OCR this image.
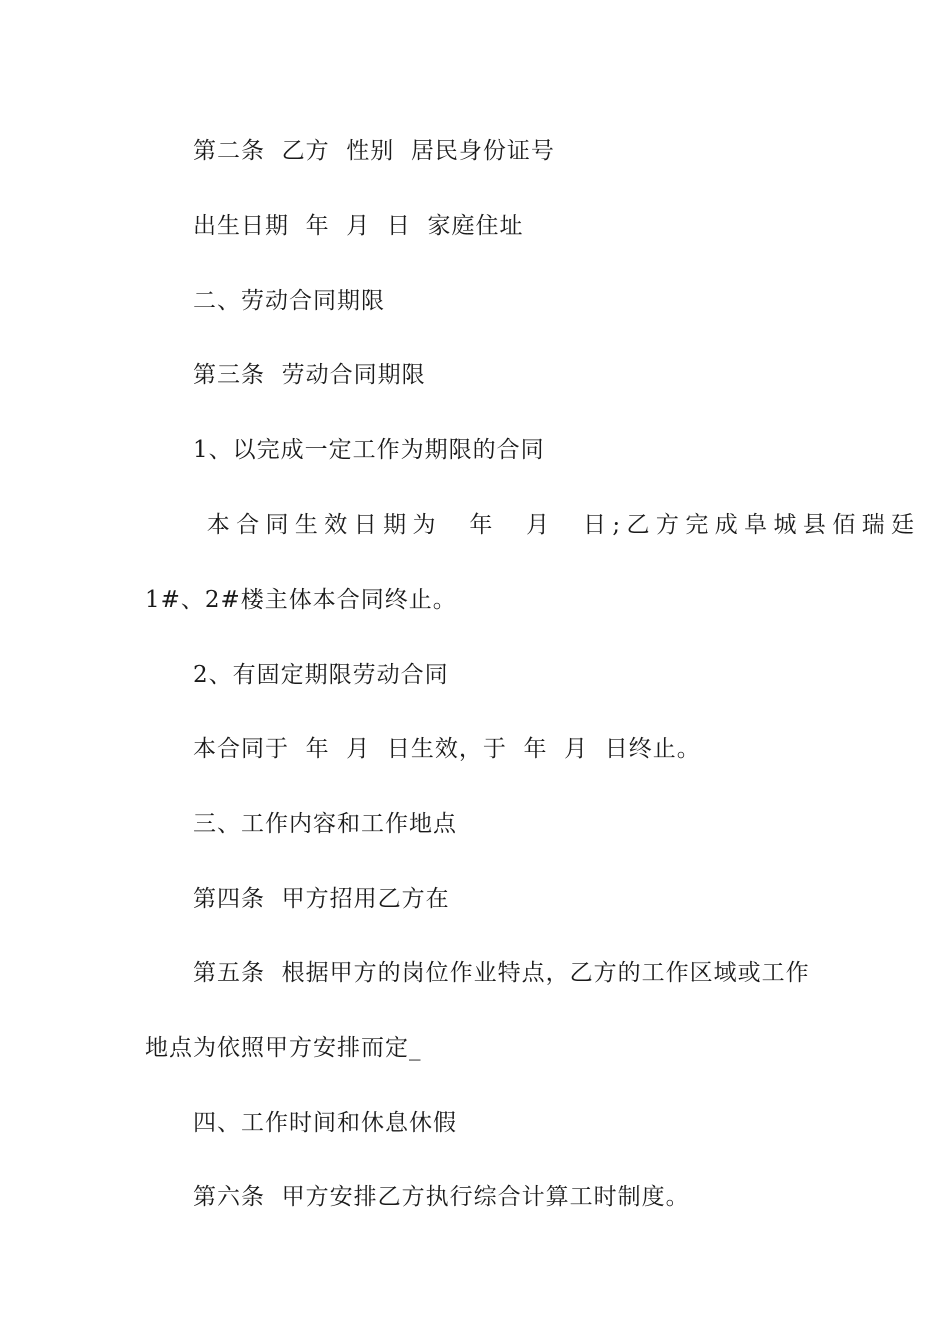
第二条  乙方  性别  居民身份证号
出生日期  年  月  日  家庭住址
二、劳动合同期限
第三条  劳动合同期限
1、以完成一定工作为期限的合同
本合同生效日期为  年  月  日;乙方完成阜城县佰瑞廷
1#、2#楼主体本合同终止。
2、有固定期限劳动合同
本合同于  年  月  日生效，于  年  月  日终止。
三、工作内容和工作地点
第四条  甲方招用乙方在
第五条  根据甲方的岗位作业特点，乙方的工作区域或工作
地点为依照甲方安排而定_
四、工作时间和休息休假
第六条  甲方安排乙方执行综合计算工时制度。
